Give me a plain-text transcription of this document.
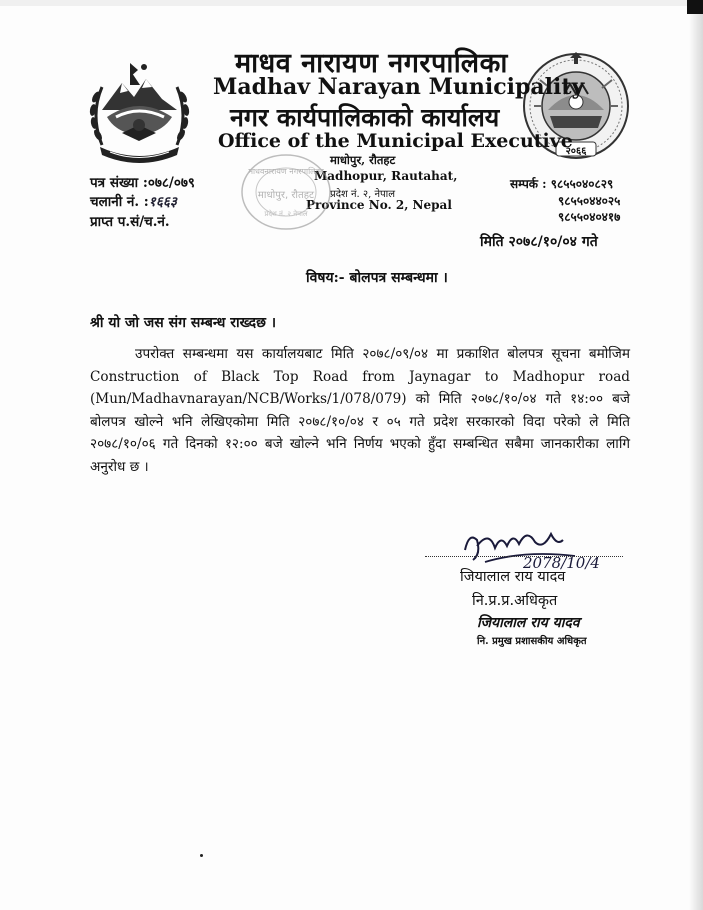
२०६६
माधव नारायण नगरपालिका
Madhav Narayan Municipality
नगर कार्यपालिकाको कार्यालय
Office of the Municipal Executive
माधोपुर, रौतहट
Madhopur, Rautahat,
प्रदेश नं. २, नेपाल
Province No. 2, Nepal
माधवनारायण नगरपालिका
माधोपुर, रौतहट
प्रदेश नं. २ नेपाल
पत्र संख्या :०७८/०७९
चलानी नं. :१६६३
प्राप्त प.सं/च.नं.
सम्पर्क : ९८५५०४०८२९
९८५५०४४०२५
९८५५०४०४१७
मिति २०७८/१०/०४ गते
विषय:- बोलपत्र सम्बन्धमा ।
श्री यो जो जस संग सम्बन्ध राख्दछ ।
उपरोक्त सम्बन्धमा यस कार्यालयबाट मिति २०७८/०९/०४ मा प्रकाशित बोलपत्र सूचना बमोजिम Construction of Black Top Road from Jaynagar to Madhopur road (Mun/Madhavnarayan/NCB/Works/1/078/079) को मिति २०७८/१०/०४ गते १४:०० बजे बोलपत्र खोल्ने भनि लेखिएकोमा मिति २०७८/१०/०४ र ०५ गते प्रदेश सरकारको विदा परेको ले मिति २०७८/१०/०६ गते दिनको १२:०० बजे खोल्ने भनि निर्णय भएको हुँदा सम्बन्धित सबैमा जानकारीका लागि अनुरोध छ ।
2078/10/4
जियालाल राय यादव
नि.प्र.प्र.अधिकृत
जियालाल राय यादव
नि. प्रमुख प्रशासकीय अधिकृत
